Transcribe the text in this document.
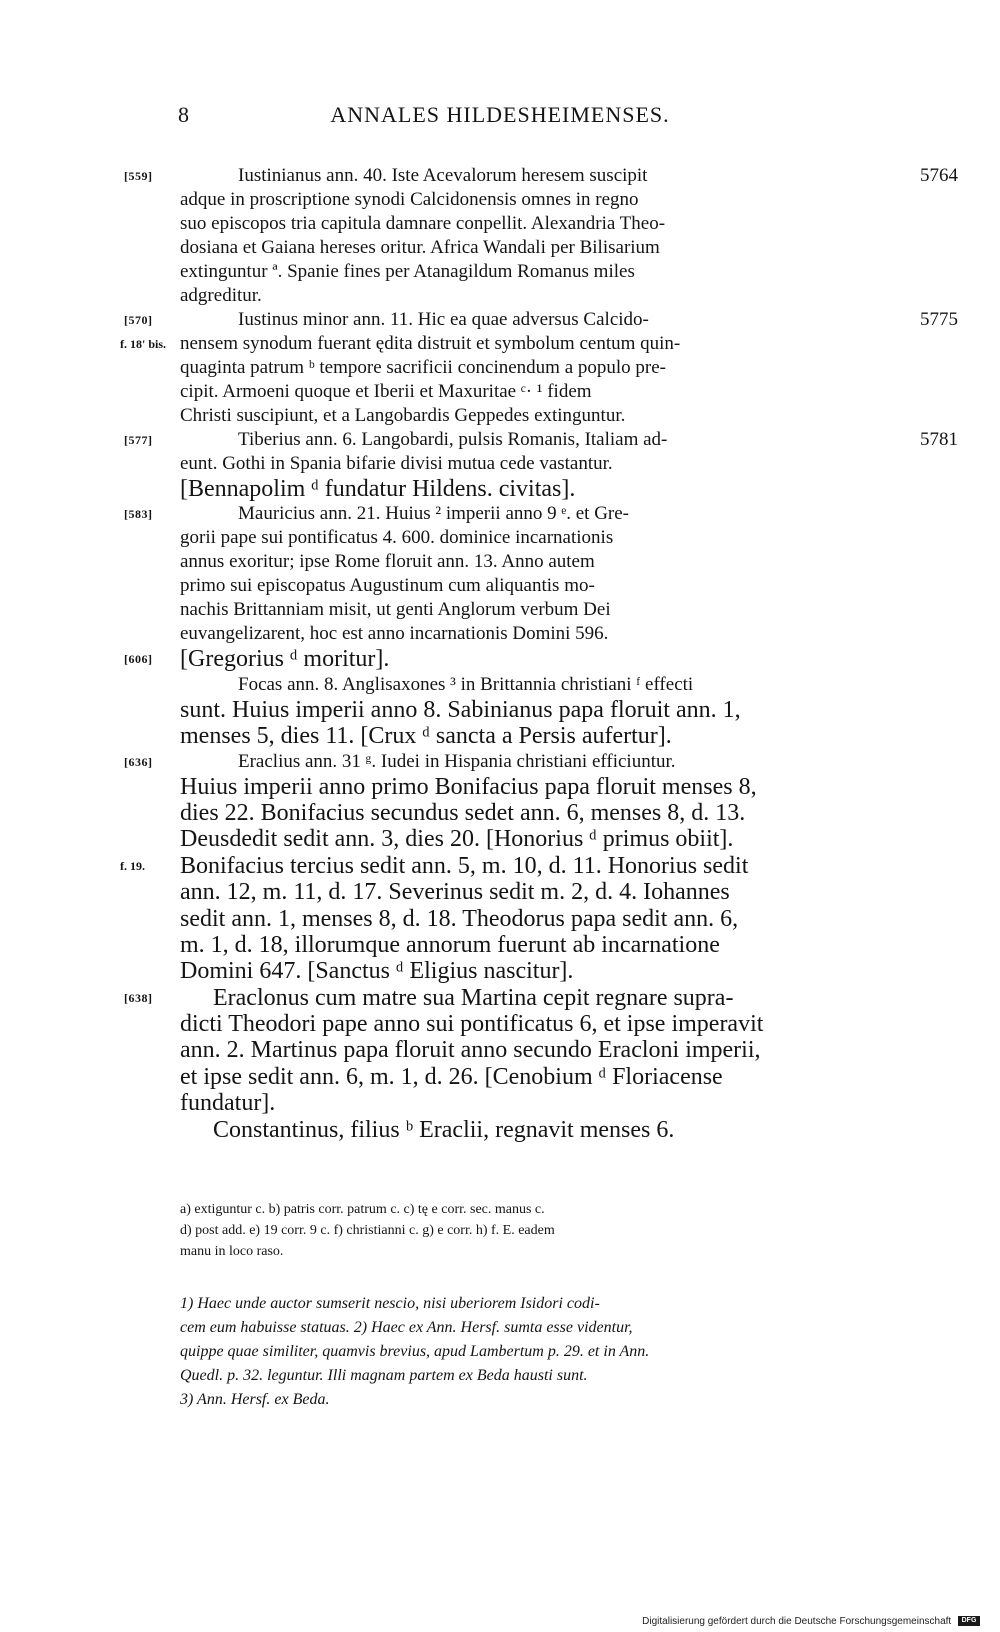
8	ANNALES HILDESHEIMENSES.
[559]	Iustinianus ann. 40. Iste Acevalorum heresem suscipit	5764
adque in proscriptione synodi Calcidonensis omnes in regno
suo episcopos tria capitula damnare conpellit. Alexandria Theo-
dosiana et Gaiana hereses oritur. Africa Wandali per Bilisarium
extinguntur ª. Spanie fines per Atanagildum Romanus miles
adgreditur.
[570]	Iustinus minor ann. 11. Hic ea quae adversus Calcido-	5775
f. 18' bis. nensem synodum fuerant ędita distruit et symbolum centum quin-
quaginta patrum ᵇ tempore sacrificii concinendum a populo pre-
cipit. Armoeni quoque et Iberii et Maxuritae ᶜ· ¹ fidem
Christi suscipiunt, et a Langobardis Geppedes extinguntur.
[577]	Tiberius ann. 6. Langobardi, pulsis Romanis, Italiam ad-	5781
eunt. Gothi in Spania bifarie divisi mutua cede vastantur.
[Bennapolim ᵈ fundatur Hildens. civitas].
[583]	Mauricius ann. 21. Huius ² imperii anno 9 ᵉ. et Gre-
gorii pape sui pontificatus 4. 600. dominice incarnationis
annus exoritur; ipse Rome floruit ann. 13. Anno autem
primo sui episcopatus Augustinum cum aliquantis mo-
nachis Brittanniam misit, ut genti Anglorum verbum Dei
euvangelizarent, hoc est anno incarnationis Domini 596.
[606] [Gregorius ᵈ moritur].
Focas ann. 8. Anglisaxones ³ in Brittannia christiani ᶠ effecti
sunt. Huius imperii anno 8. Sabinianus papa floruit ann. 1,
menses 5, dies 11. [Crux ᵈ sancta a Persis aufertur].
[636]	Eraclius ann. 31 ᵍ. Iudei in Hispania christiani efficiuntur.
Huius imperii anno primo Bonifacius papa floruit menses 8,
dies 22. Bonifacius secundus sedet ann. 6, menses 8, d. 13.
Deusdedit sedit ann. 3, dies 20. [Honorius ᵈ primus obiit].
f. 19. Bonifacius tercius sedit ann. 5, m. 10, d. 11. Honorius sedit
ann. 12, m. 11, d. 17. Severinus sedit m. 2, d. 4. Iohannes
sedit ann. 1, menses 8, d. 18. Theodorus papa sedit ann. 6,
m. 1, d. 18, illorumque annorum fuerunt ab incarnatione
Domini 647. [Sanctus ᵈ Eligius nascitur].
[638]	Eraclonus cum matre sua Martina cepit regnare supra-
dicti Theodori pape anno sui pontificatus 6, et ipse imperavit
ann. 2. Martinus papa floruit anno secundo Eracloni imperii,
et ipse sedit ann. 6, m. 1, d. 26. [Cenobium ᵈ Floriacense
fundatur].
Constantinus, filius ᵇ Eraclii, regnavit menses 6.
a) extiguntur c. b) patris corr. patrum c. c) tę e corr. sec. manus c.
d) post add. e) 19 corr. 9 c. f) christianni c. g) e corr. h) f. E. eadem
manu in loco raso.
1) Haec unde auctor sumserit nescio, nisi uberiorem Isidori codi-
cem eum habuisse statuas. 2) Haec ex Ann. Hersf. sumta esse videntur,
quippe quae similiter, quamvis brevius, apud Lambertum p. 29. et in Ann.
Quedl. p. 32. leguntur. Illi magnam partem ex Beda hausti sunt.
3) Ann. Hersf. ex Beda.
Digitalisierung gefördert durch die Deutsche Forschungsgemeinschaft DFG
